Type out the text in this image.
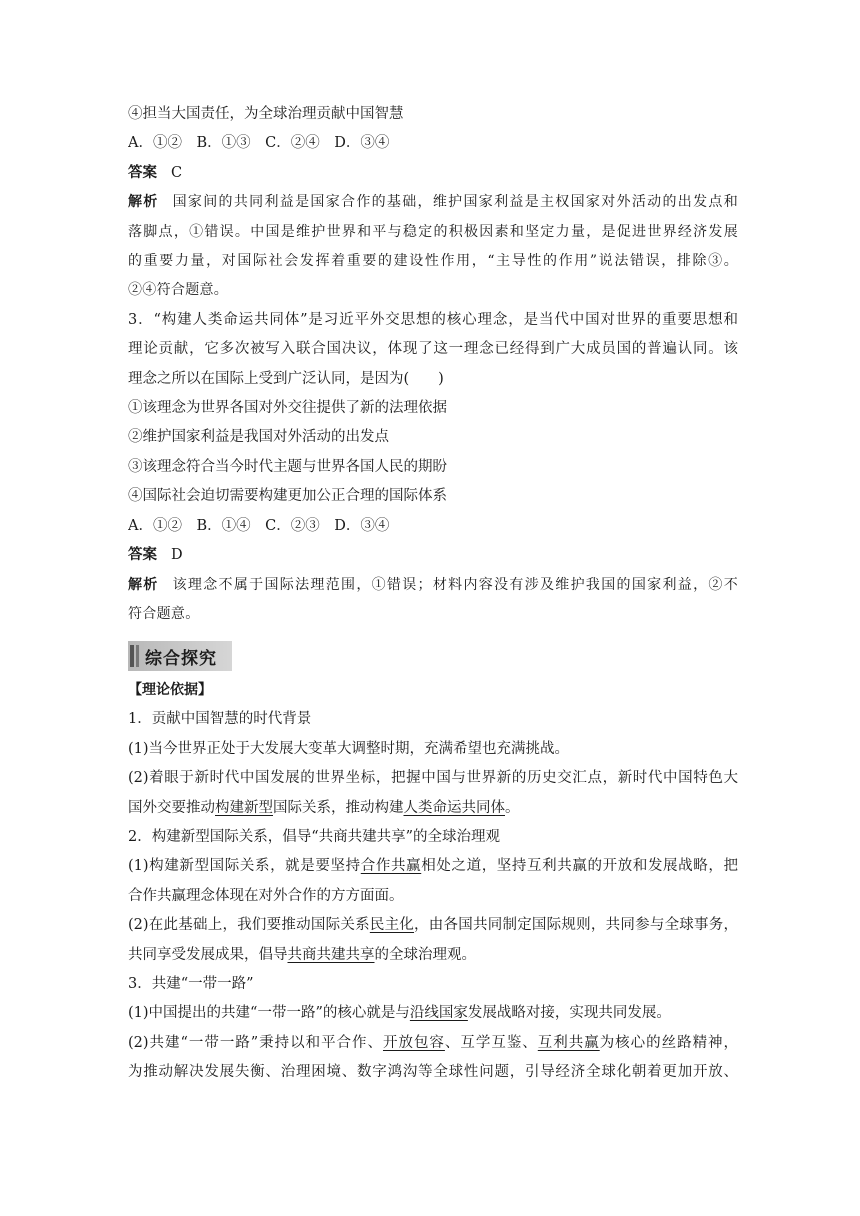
④担当大国责任，为全球治理贡献中国智慧
A．①②　B．①③　C．②④　D．③④
答案 C
解析 国家间的共同利益是国家合作的基础，维护国家利益是主权国家对外活动的出发点和
落脚点，①错误。中国是维护世界和平与稳定的积极因素和坚定力量，是促进世界经济发展
的重要力量，对国际社会发挥着重要的建设性作用，“主导性的作用”说法错误，排除③。
②④符合题意。
3．“构建人类命运共同体”是习近平外交思想的核心理念，是当代中国对世界的重要思想和
理论贡献，它多次被写入联合国决议，体现了这一理念已经得到广大成员国的普遍认同。该
理念之所以在国际上受到广泛认同，是因为(　　)
①该理念为世界各国对外交往提供了新的法理依据
②维护国家利益是我国对外活动的出发点
③该理念符合当今时代主题与世界各国人民的期盼
④国际社会迫切需要构建更加公正合理的国际体系
A．①②　B．①④　C．②③　D．③④
答案 D
解析 该理念不属于国际法理范围，①错误；材料内容没有涉及维护我国的国家利益，②不
符合题意。
综合探究
【理论依据】
1．贡献中国智慧的时代背景
(1)当今世界正处于大发展大变革大调整时期，充满希望也充满挑战。
(2)着眼于新时代中国发展的世界坐标，把握中国与世界新的历史交汇点，新时代中国特色大
国外交要推动构建新型国际关系，推动构建人类命运共同体。
2．构建新型国际关系，倡导“共商共建共享”的全球治理观
(1)构建新型国际关系，就是要坚持合作共赢相处之道，坚持互利共赢的开放和发展战略，把
合作共赢理念体现在对外合作的方方面面。
(2)在此基础上，我们要推动国际关系民主化，由各国共同制定国际规则，共同参与全球事务，
共同享受发展成果，倡导共商共建共享的全球治理观。
3．共建“一带一路”
(1)中国提出的共建“一带一路”的核心就是与沿线国家发展战略对接，实现共同发展。
(2)共建“一带一路”秉持以和平合作、开放包容、互学互鉴、互利共赢为核心的丝路精神，
为推动解决发展失衡、治理困境、数字鸿沟等全球性问题，引导经济全球化朝着更加开放、
